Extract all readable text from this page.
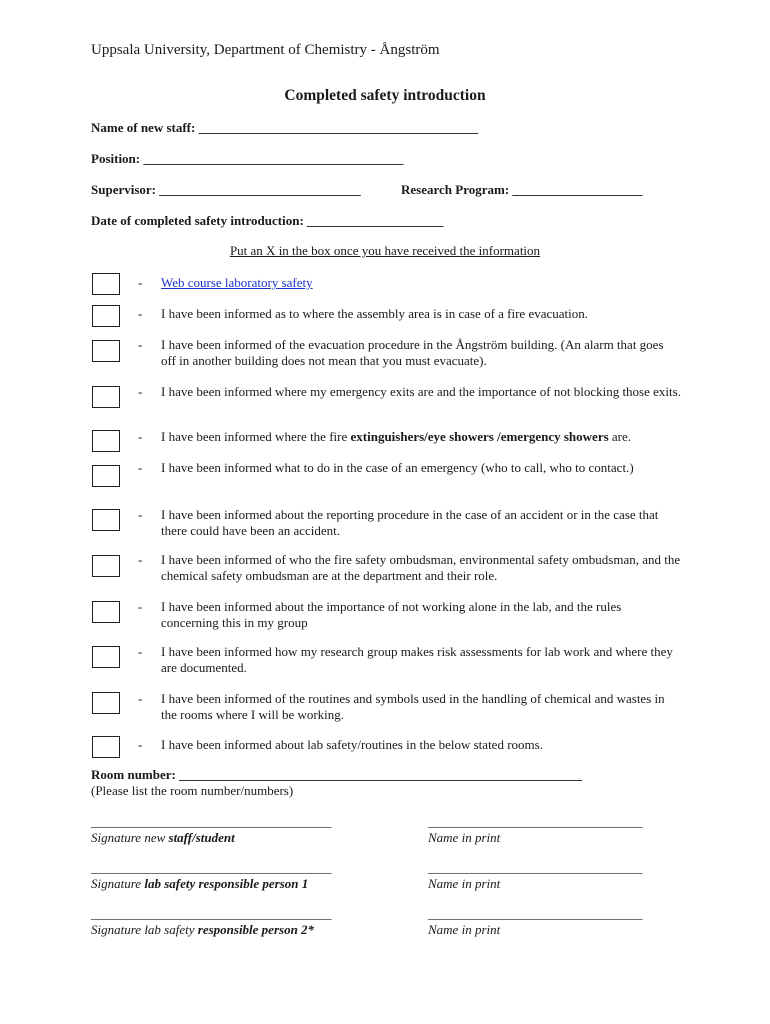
Uppsala University, Department of Chemistry - Ångström
Completed safety introduction
Name of new staff: ___________________________________________
Position: ________________________________________
Supervisor: _______________________________	Research Program: ____________________
Date of completed safety introduction: _____________________
Put an X in the box once you have received the information
- Web course laboratory safety
- I have been informed as to where the assembly area is in case of a fire evacuation.
- I have been informed of the evacuation procedure in the Ångström building. (An alarm that goes off in another building does not mean that you must evacuate).
- I have been informed where my emergency exits are and the importance of not blocking those exits.
- I have been informed where the fire extinguishers/eye showers /emergency showers are.
- I have been informed what to do in the case of an emergency (who to call, who to contact.)
- I have been informed about the reporting procedure in the case of an accident or in the case that there could have been an accident.
- I have been informed of who the fire safety ombudsman, environmental safety ombudsman, and the chemical safety ombudsman are at the department and their role.
- I have been informed about the importance of not working alone in the lab, and the rules concerning this in my group
- I have been informed how my research group makes risk assessments for lab work and where they are documented.
- I have been informed of the routines and symbols used in the handling of chemical and wastes in the rooms where I will be working.
- I have been informed about lab safety/routines in the below stated rooms.
Room number: ______________________________________________________________
(Please list the room number/numbers)
_____________________________________	_________________________________
Signature new staff/student	Name in print
_____________________________________	_________________________________
Signature lab safety responsible person 1	Name in print
_____________________________________	_________________________________
Signature lab safety responsible person 2*	Name in print
